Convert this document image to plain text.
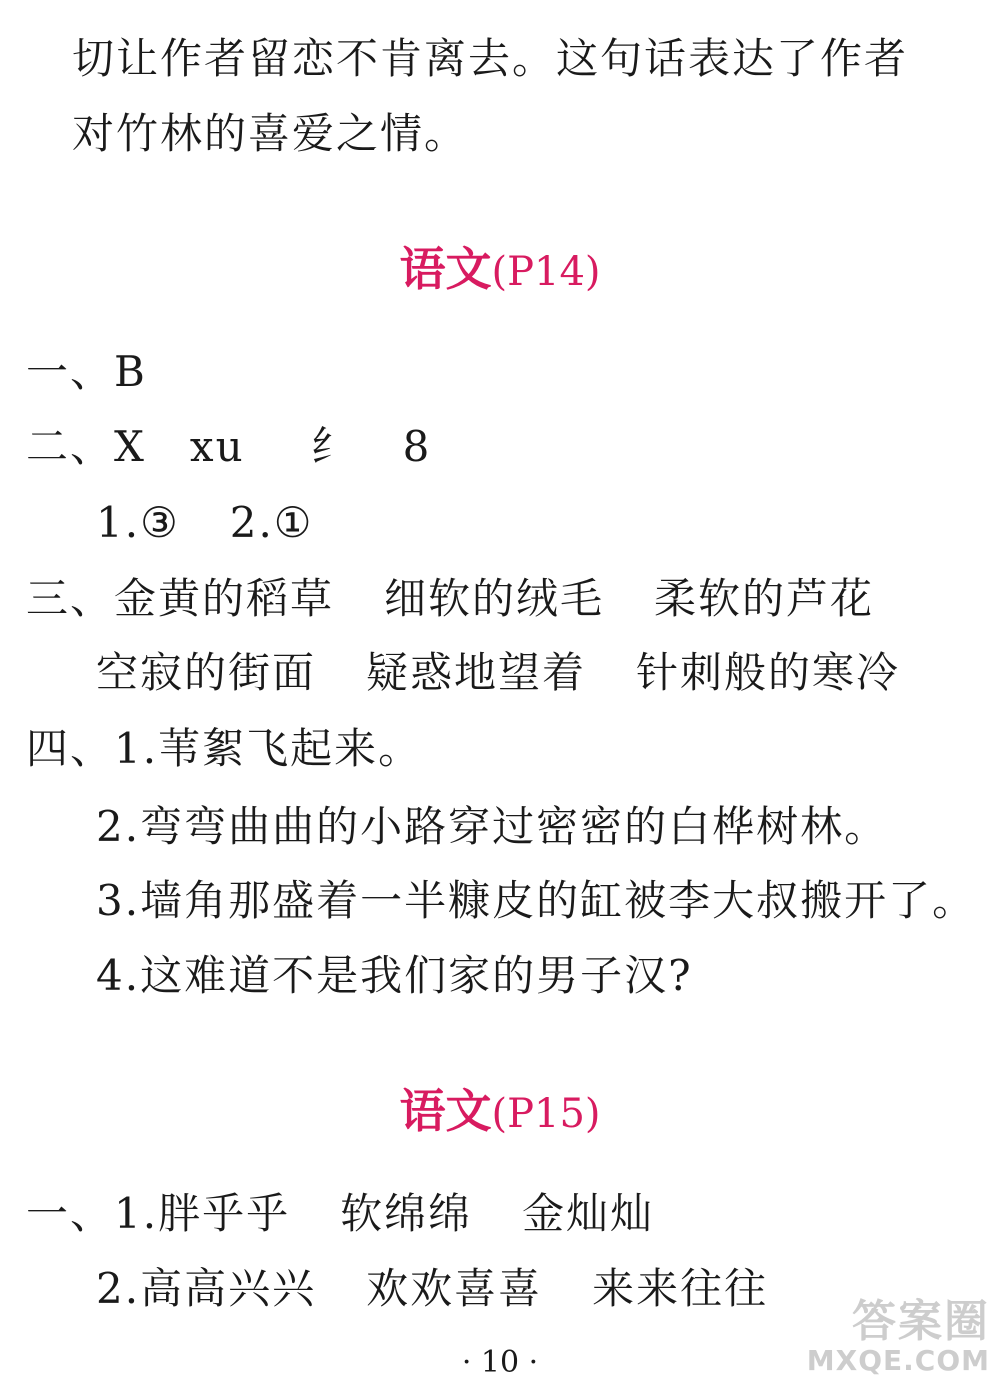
切让作者留恋不肯离去。这句话表达了作者
对竹林的喜爱之情。
语文(P14)
一、B
二、X xu 纟 8
1.③ 2.①
三、金黄的稻草 细软的绒毛 柔软的芦花
空寂的街面 疑惑地望着 针刺般的寒冷
四、1.苇絮飞起来。
2.弯弯曲曲的小路穿过密密的白桦树林。
3.墙角那盛着一半糠皮的缸被李大叔搬开了。
4.这难道不是我们家的男子汉?
语文(P15)
一、1.胖乎乎 软绵绵 金灿灿
2.高高兴兴 欢欢喜喜 来来往往
答案圈
MXQE.COM
· 10 ·
